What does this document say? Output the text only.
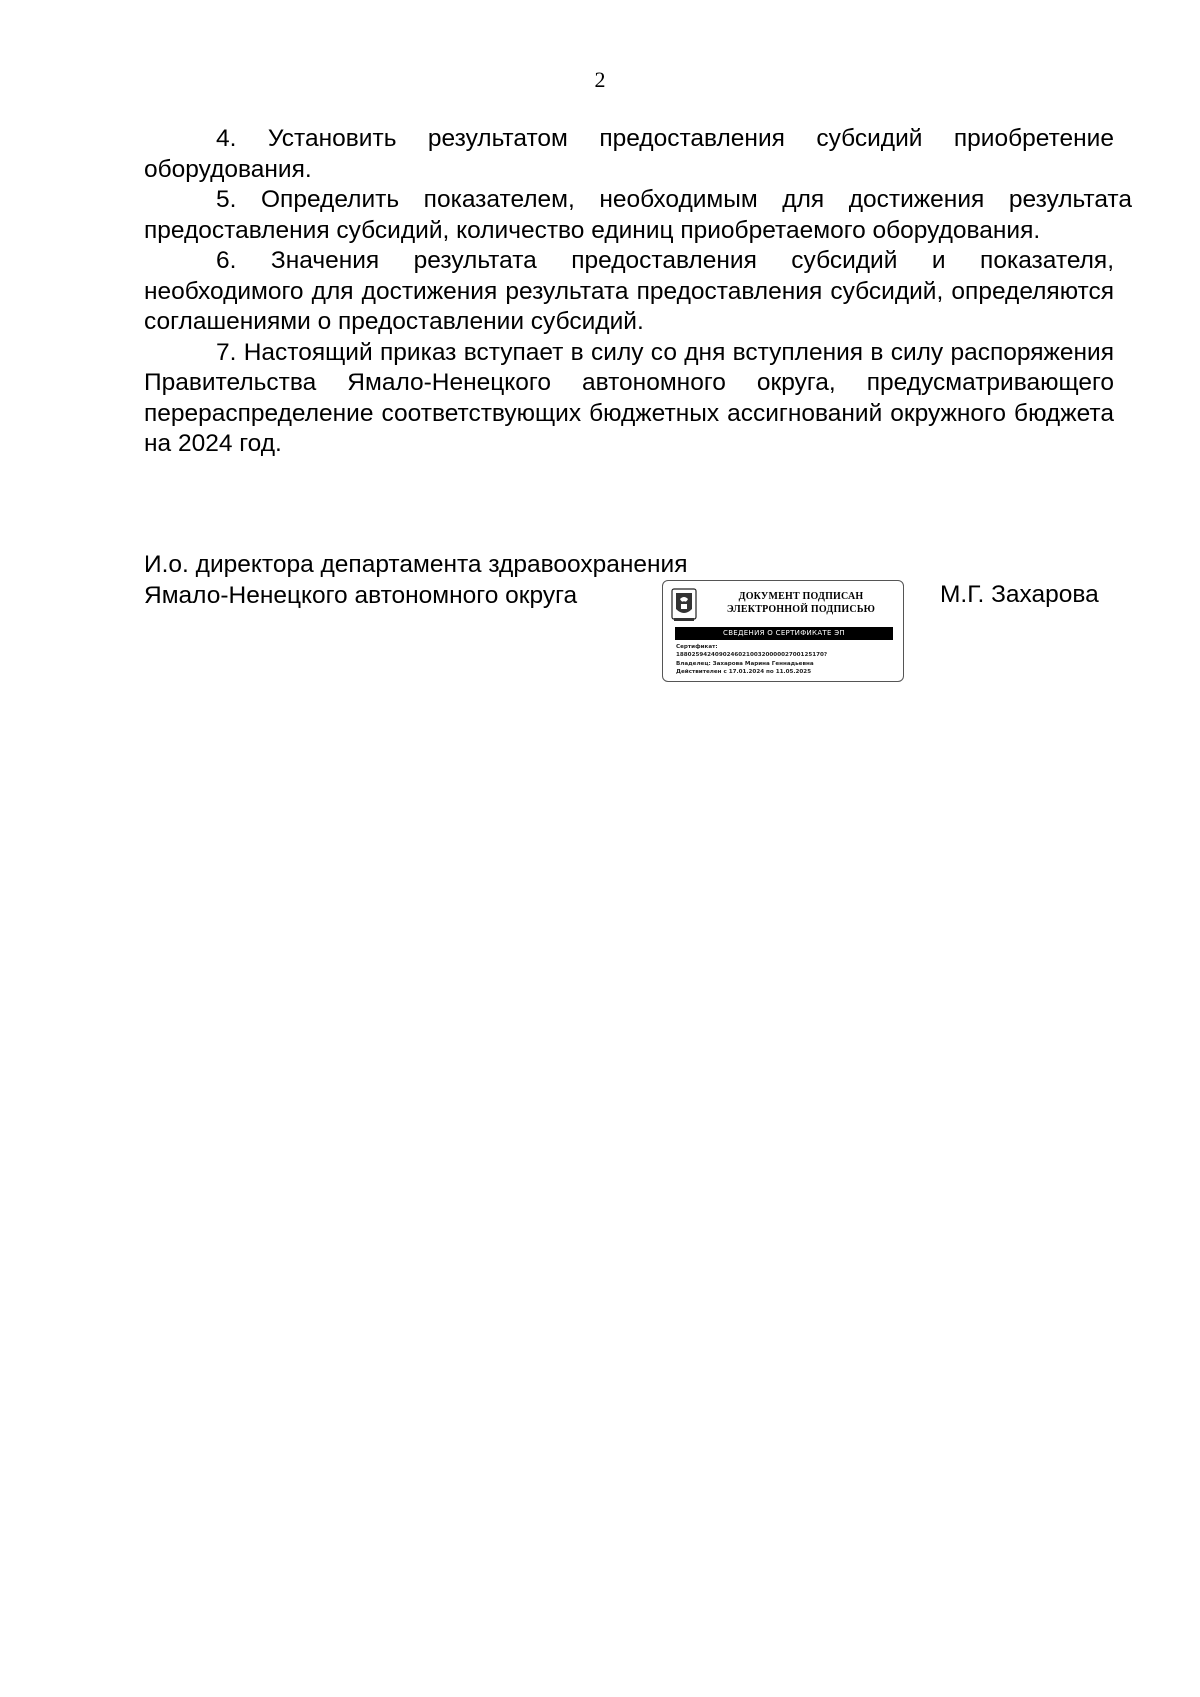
2

4. Установить результатом предоставления субсидий приобретение оборудования.

5. Определить показателем, необходимым для достижения результата предоставления субсидий, количество единиц приобретаемого оборудования.

6. Значения результата предоставления субсидий и показателя, необходимого для достижения результата предоставления субсидий, определяются соглашениями о предоставлении субсидий.

7. Настоящий приказ вступает в силу со дня вступления в силу распоряжения Правительства Ямало-Ненецкого автономного округа, предусматривающего перераспределение соответствующих бюджетных ассигнований окружного бюджета на 2024 год.

И.о. директора департамента здравоохранения

Ямало-Ненецкого автономного округа	ДОКУМЕНТ ПОДПИСАН
ЭЛЕКТРОННОЙ ПОДПИСЬЮ
СВЕДЕНИЯ О СЕРТИФИКАТЕ ЭП
Сертификат:
18802594240902460210032000002700125170?
Владелец: Захарова Марина Геннадьевна
Действителен с 17.01.2024 по 11.05.2025
М.Г. Захарова
